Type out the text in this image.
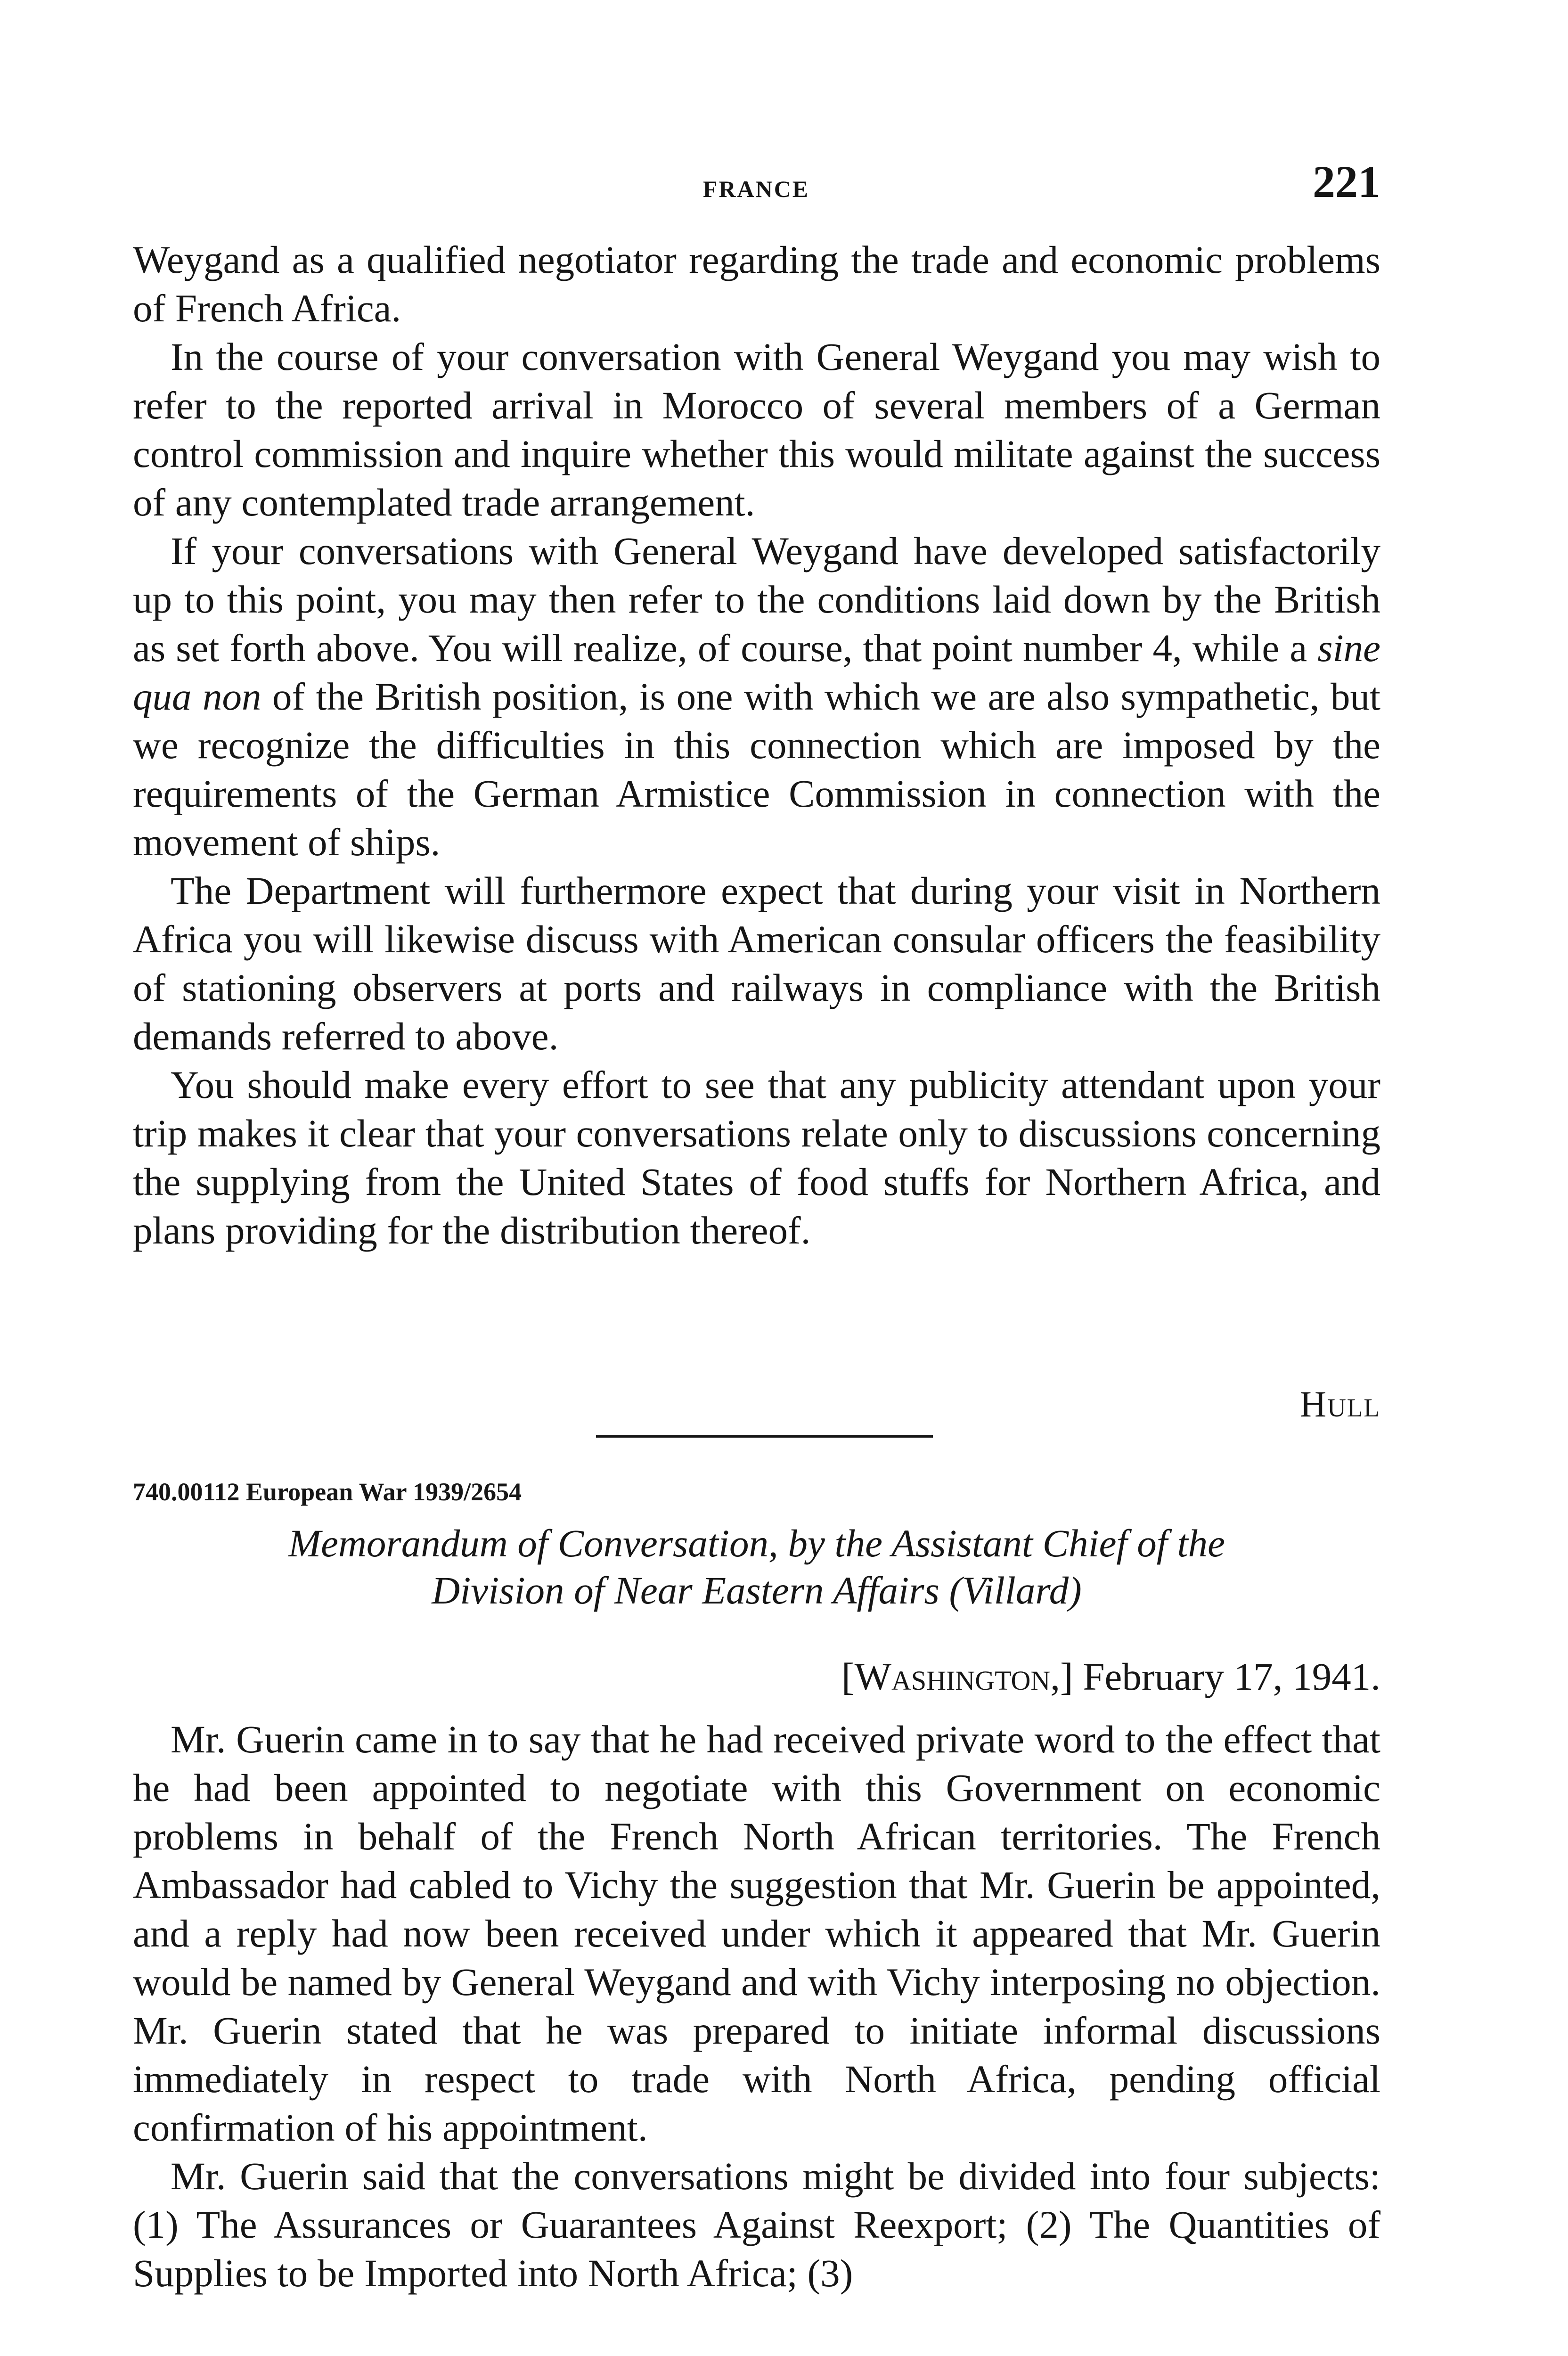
FRANCE	221

Weygand as a qualified negotiator regarding the trade and economic problems of French Africa.

In the course of your conversation with General Weygand you may wish to refer to the reported arrival in Morocco of several members of a German control commission and inquire whether this would militate against the success of any contemplated trade arrangement.

If your conversations with General Weygand have developed satisfactorily up to this point, you may then refer to the conditions laid down by the British as set forth above. You will realize, of course, that point number 4, while a sine qua non of the British position, is one with which we are also sympathetic, but we recognize the difficulties in this connection which are imposed by the requirements of the German Armistice Commission in connection with the movement of ships.

The Department will furthermore expect that during your visit in Northern Africa you will likewise discuss with American consular officers the feasibility of stationing observers at ports and railways in compliance with the British demands referred to above.

You should make every effort to see that any publicity attendant upon your trip makes it clear that your conversations relate only to discussions concerning the supplying from the United States of food stuffs for Northern Africa, and plans providing for the distribution thereof.

Hull
740.00112 European War 1939/2654

Memorandum of Conversation, by the Assistant Chief of the
Division of Near Eastern Affairs (Villard)

[Washington,] February 17, 1941.

Mr. Guerin came in to say that he had received private word to the effect that he had been appointed to negotiate with this Government on economic problems in behalf of the French North African territories. The French Ambassador had cabled to Vichy the suggestion that Mr. Guerin be appointed, and a reply had now been received under which it appeared that Mr. Guerin would be named by General Weygand and with Vichy interposing no objection. Mr. Guerin stated that he was prepared to initiate informal discussions immediately in respect to trade with North Africa, pending official confirmation of his appointment.

Mr. Guerin said that the conversations might be divided into four subjects: (1) The Assurances or Guarantees Against Reexport; (2) The Quantities of Supplies to be Imported into North Africa; (3)
